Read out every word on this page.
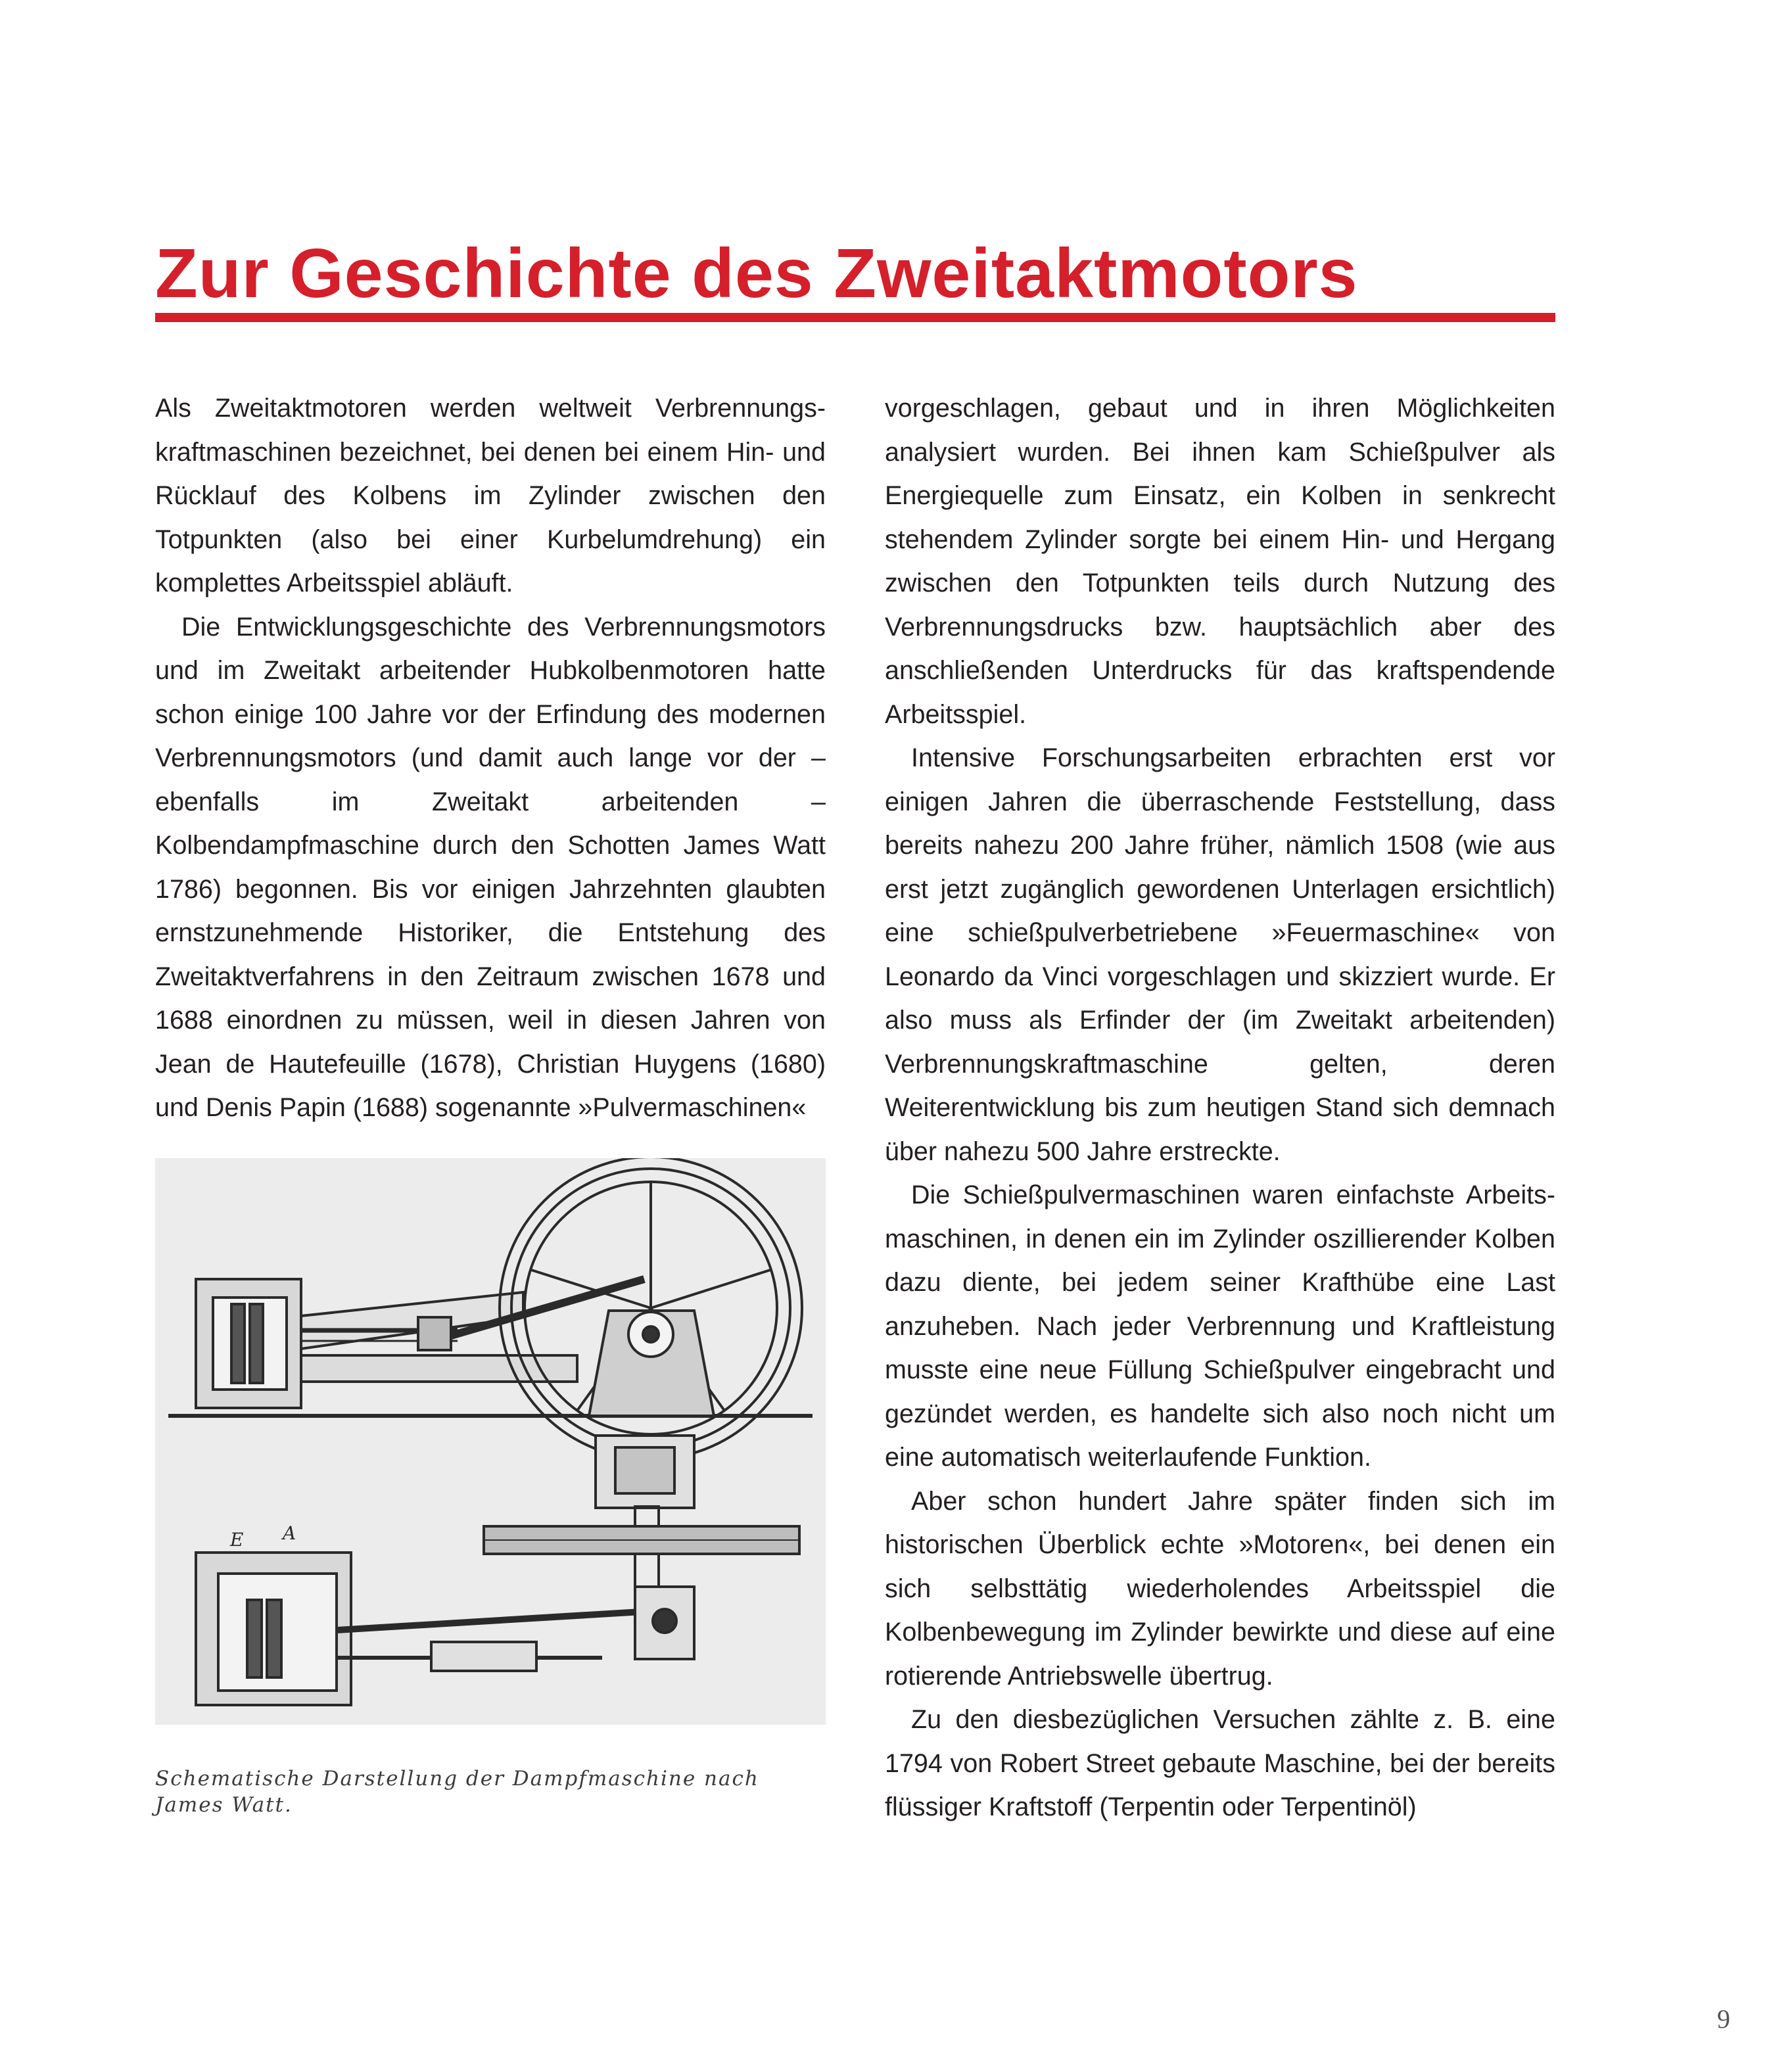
Zur Geschichte des Zweitaktmotors

Als Zweitaktmotoren werden weltweit Verbrennungskraftmaschinen bezeichnet, bei denen bei einem Hin- und Rücklauf des Kolbens im Zylinder zwischen den Totpunkten (also bei einer Kurbelumdrehung) ein komplettes Arbeitsspiel abläuft.

Die Entwicklungsgeschichte des Verbrennungsmotors und im Zweitakt arbeitender Hubkolbenmotoren hatte schon einige 100 Jahre vor der Erfindung des modernen Verbrennungsmotors (und damit auch lange vor der – ebenfalls im Zweitakt arbeitenden – Kolbendampfmaschine durch den Schotten James Watt 1786) begonnen. Bis vor einigen Jahrzehnten glaubten ernstzunehmende Historiker, die Entstehung des Zweitaktverfahrens in den Zeitraum zwischen 1678 und 1688 einordnen zu müssen, weil in diesen Jahren von Jean de Hautefeuille (1678), Christian Huygens (1680) und Denis Papin (1688) sogenannte »Pulvermaschinen«

E A
Schematische Darstellung der Dampfmaschine nach James Watt.

vorgeschlagen, gebaut und in ihren Möglichkeiten analysiert wurden. Bei ihnen kam Schießpulver als Energiequelle zum Einsatz, ein Kolben in senkrecht stehendem Zylinder sorgte bei einem Hin- und Hergang zwischen den Totpunkten teils durch Nutzung des Verbrennungsdrucks bzw. hauptsächlich aber des anschließenden Unterdrucks für das kraftspendende Arbeitsspiel.

Intensive Forschungsarbeiten erbrachten erst vor einigen Jahren die überraschende Feststellung, dass bereits nahezu 200 Jahre früher, nämlich 1508 (wie aus erst jetzt zugänglich gewordenen Unterlagen ersichtlich) eine schießpulverbetriebene »Feuermaschine« von Leonardo da Vinci vorgeschlagen und skizziert wurde. Er also muss als Erfinder der (im Zweitakt arbeitenden) Verbrennungskraftmaschine gelten, deren Weiterentwicklung bis zum heutigen Stand sich demnach über nahezu 500 Jahre erstreckte.

Die Schießpulvermaschinen waren einfachste Arbeitsmaschinen, in denen ein im Zylinder oszillierender Kolben dazu diente, bei jedem seiner Krafthübe eine Last anzuheben. Nach jeder Verbrennung und Kraftleistung musste eine neue Füllung Schießpulver eingebracht und gezündet werden, es handelte sich also noch nicht um eine automatisch weiterlaufende Funktion.

Aber schon hundert Jahre später finden sich im historischen Überblick echte »Motoren«, bei denen ein sich selbsttätig wiederholendes Arbeitsspiel die Kolbenbewegung im Zylinder bewirkte und diese auf eine rotierende Antriebswelle übertrug.

Zu den diesbezüglichen Versuchen zählte z. B. eine 1794 von Robert Street gebaute Maschine, bei der bereits flüssiger Kraftstoff (Terpentin oder Terpentinöl)

9
